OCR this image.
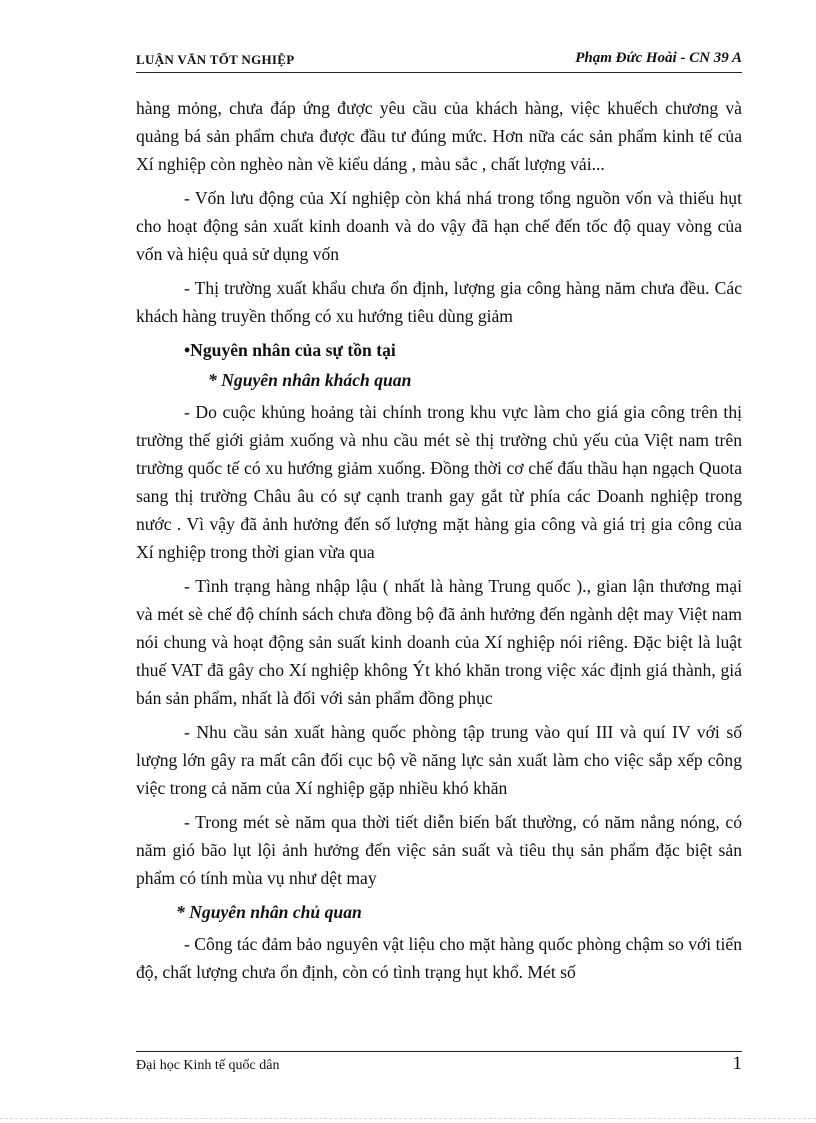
LUẬN VĂN TỐT NGHIỆP	Phạm Đức Hoài - CN 39 A

hàng mỏng, chưa đáp ứng được yêu cầu của khách hàng, việc khuếch chương và quảng bá sản phẩm chưa được đầu tư đúng mức. Hơn nữa các sản phẩm kinh tế của Xí nghiệp còn nghèo nàn về kiểu dáng , màu sắc , chất lượng vải...

- Vốn lưu động của Xí nghiệp còn khá nhá trong tổng nguồn vốn và thiếu hụt cho hoạt động sản xuất kinh doanh và do vậy đã hạn chế đến tốc độ quay vòng của vốn và hiệu quả sử dụng vốn

- Thị trường xuất khẩu chưa ổn định, lượng gia công hàng năm chưa đều. Các khách hàng truyền thống có xu hướng tiêu dùng giảm

•Nguyên nhân của sự tồn tại
* Nguyên nhân khách quan

- Do cuộc khủng hoảng tài chính trong khu vực làm cho giá gia công trên thị trường thế giới giảm xuống và nhu cầu mét sè thị trường chủ yếu của Việt nam trên trường quốc tế có xu hướng giảm xuống. Đồng thời cơ chế đấu thầu hạn ngạch Quota sang thị trường Châu âu có sự cạnh tranh gay gắt từ phía các Doanh nghiệp trong nước . Vì vậy đã ảnh hưởng đến số lượng mặt hàng gia công và giá trị gia công của Xí nghiệp trong thời gian vừa qua

- Tình trạng hàng nhập lậu ( nhất là hàng Trung quốc )., gian lận thương mại và mét sè chế độ chính sách chưa đồng bộ đã ảnh hưởng đến ngành dệt may Việt nam nói chung và hoạt động sản suất kinh doanh của Xí nghiệp nói riêng. Đặc biệt là luật thuế VAT đã gây cho Xí nghiệp không Ýt khó khăn trong việc xác định giá thành, giá bán sản phẩm, nhất là đối với sản phẩm đồng phục

- Nhu cầu sản xuất hàng quốc phòng tập trung vào quí III và quí IV với số lượng lớn gây ra mất cân đối cục bộ về năng lực sản xuất làm cho việc sắp xếp công việc trong cả năm của Xí nghiệp gặp nhiều khó khăn

- Trong mét sè năm qua thời tiết diễn biến bất thường, có năm nắng nóng, có năm gió bão lụt lội ảnh hưởng đến việc sản suất và tiêu thụ sản phẩm đặc biệt sản phẩm có tính mùa vụ như dệt may

* Nguyên nhân chủ quan

- Công tác đảm bảo nguyên vật liệu cho mặt hàng quốc phòng chậm so với tiến độ, chất lượng chưa ổn định, còn có tình trạng hụt khổ. Mét số

Đại học Kinh tế quốc dân	1
